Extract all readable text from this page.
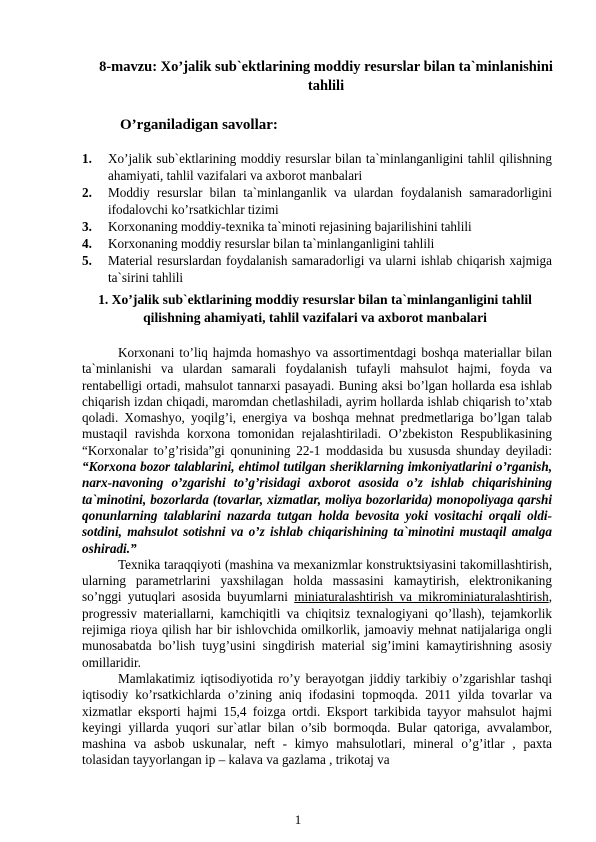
8-mavzu: Xo’jalik sub`ektlarining moddiy resurslar bilan ta`minlanishini tahlili
O’rganiladigan savollar:
1. Xo’jalik sub`ektlarining moddiy resurslar bilan ta`minlanganligini tahlil qilishning ahamiyati, tahlil vazifalari va axborot manbalari
2. Moddiy resurslar bilan ta`minlanganlik va ulardan foydalanish samaradorligini ifodalovchi ko’rsatkichlar tizimi
3. Korxonaning moddiy-texnika ta`minoti rejasining bajarilishini tahlili
4. Korxonaning moddiy resurslar bilan ta`minlanganligini tahlili
5. Material resurslardan foydalanish samaradorligi va ularni ishlab chiqarish xajmiga ta`sirini tahlili
1. Xo’jalik sub`ektlarining moddiy resurslar bilan ta`minlanganligini tahlil qilishning ahamiyati, tahlil vazifalari va axborot manbalari

Korxonani to’liq hajmda homashyo va assortimentdagi boshqa materiallar bilan ta`minlanishi va ulardan samarali foydalanish tufayli mahsulot hajmi, foyda va rentabelligi ortadi, mahsulot tannarxi pasayadi. Buning aksi bo’lgan hollarda esa ishlab chiqarish izdan chiqadi, maromdan chetlashiladi, ayrim hollarda ishlab chiqarish to’xtab qoladi. Xomashyo, yoqilg’i, energiya va boshqa mehnat predmetlariga bo’lgan talab mustaqil ravishda korxona tomonidan rejalashtiriladi. O’zbekiston Respublikasining “Korxonalar to’g’risida”gi qonunining 22-1 moddasida bu xususda shunday deyiladi: “Korxona bozor talablarini, ehtimol tutilgan sheriklarning imkoniyatlarini o’rganish, narx-navoning o’zgarishi to’g’risidagi axborot asosida o’z ishlab chiqarishining ta`minotini, bozorlarda (tovarlar, xizmatlar, moliya bozorlarida) monopoliyaga qarshi qonunlarning talablarini nazarda tutgan holda bevosita yoki vositachi orqali oldi- sotdini, mahsulot sotishni va o’z ishlab chiqarishining ta`minotini mustaqil amalga oshiradi.”

Texnika taraqqiyoti (mashina va mexanizmlar konstruktsiyasini takomillashtirish, ularning parametrlarini yaxshilagan holda massasini kamaytirish, elektronikaning so’nggi yutuqlari asosida buyumlarni miniaturalashtirish va mikrominiaturalashtirish, progressiv materiallarni, kamchiqitli va chiqitsiz texnalogiyani qo’llash), tejamkorlik rejimiga rioya qilish har bir ishlovchida omilkorlik, jamoaviy mehnat natijalariga ongli munosabatda bo’lish tuyg’usini singdirish material sig’imini kamaytirishning asosiy omillaridir.

Mamlakatimiz iqtisodiyotida ro’y berayotgan jiddiy tarkibiy o’zgarishlar tashqi iqtisodiy ko’rsatkichlarda o’zining aniq ifodasini topmoqda. 2011 yilda tovarlar va xizmatlar eksporti hajmi 15,4 foizga ortdi. Eksport tarkibida tayyor mahsulot hajmi keyingi yillarda yuqori sur`atlar bilan o’sib bormoqda. Bular qatoriga, avvalambor, mashina va asbob uskunalar, neft - kimyo mahsulotlari, mineral o’g’itlar , paxta tolasidan tayyorlangan ip – kalava va gazlama , trikotaj va

1
